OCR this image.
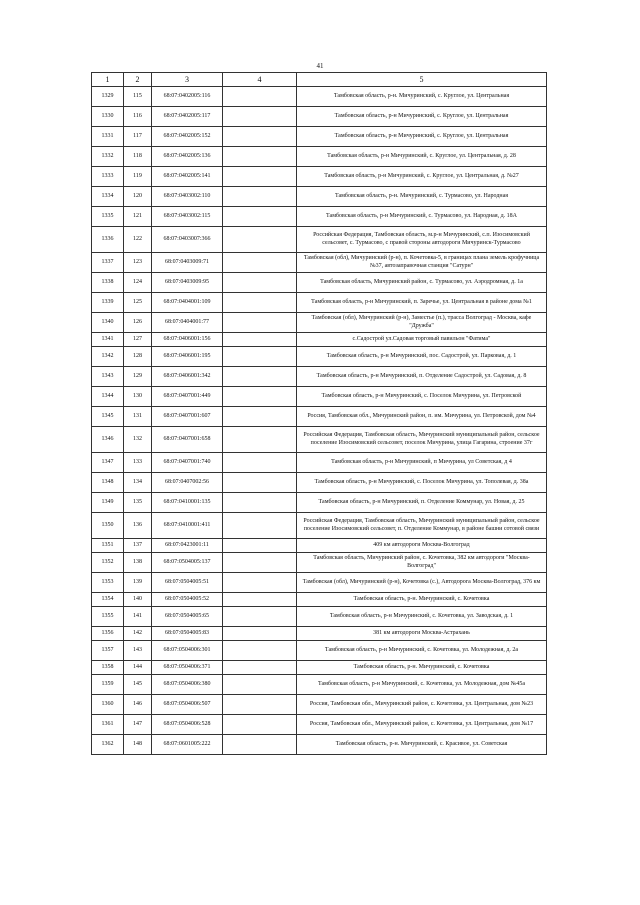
41
1	2	3	4	5
1329	115	68:07:0402005:116		Тамбовская область, р-н. Мичуринский, с. Круглое, ул. Центральная
1330	116	68:07:0402005:117		Тамбовская область, р-н Мичуринский, с. Круглое, ул. Центральная
1331	117	68:07:0402005:152		Тамбовская область, р-н Мичуринский, с. Круглое, ул. Центральная
1332	118	68:07:0402005:136		Тамбовская область, р-н Мичуринский, с. Круглое, ул. Центральная, д. 28
1333	119	68:07:0402005:141		Тамбовская область, р-н Мичуринский, с. Круглое, ул. Центральная, д. №27
1334	120	68:07:0403002:110		Тамбовская область, р-н. Мичуринский, с. Турмасово, ул. Народная
1335	121	68:07:0403002:115		Тамбовская область, р-н Мичуринский, с. Турмасово, ул. Народная, д. 18А
1336	122	68:07:0403007:366		Российская Федерация, Тамбовская область, м.р-н Мичуринский, с.п. Изосимовский сельсовет, с. Турмасово, с правой стороны автодороги Мичуринск-Турмасово
1337	123	68:07:0403009:71		Тамбовская (обл), Мичуринский (р-н), п. Кочетовка-5, в границах плана земель крофучница №37, автозаправочная станция "Сатурн"
1338	124	68:07:0403009:95		Тамбовская область, Мичуринский район, с. Турмасово, ул. Аэродромная, д. 1а
1339	125	68:07:0404001:109		Тамбовская область, р-н Мичуринский, п. Заречье, ул. Центральная в районе дома №1
1340	126	68:07:0404001:77		Тамбовская (обл), Мичуринский (р-н), Заместье (п.), трасса Волгоград - Москва, кафе "Дружба"
1341	127	68:07:0406001:156		с.Садострой ул.Садовая торговый павильон "Фатима"
1342	128	68:07:0406001:195		Тамбовская область, р-н Мичуринский, пос. Садострой, ул. Парковая, д. 1
1343	129	68:07:0406001:342		Тамбовская область, р-н Мичуринский, п. Отделение Садострой, ул. Садовая, д. 8
1344	130	68:07:0407001:449		Тамбовская область, р-н Мичуринский, с. Поселок Мичурина, ул. Петровской
1345	131	68:07:0407001:607		Россия, Тамбовская обл., Мичуринский район, п. им. Мичурина, ул. Петровской, дом №4
1346	132	68:07:0407001:658		Российская Федерация, Тамбовская область, Мичуринский муниципальный район, сельское поселение Изосимовский сельсовет, поселок Мичурина, улица Гагарина, строение 37г
1347	133	68:07:0407001:740		Тамбовская область, р-н Мичуринский, п Мичурина, ул Советская, д 4
1348	134	68:07:0407002:56		Тамбовская область, р-н Мичуринский, с. Поселок Мичурина, ул. Тополевая, д. 38а
1349	135	68:07:0410001:135		Тамбовская область, р-н Мичуринский, п. Отделение Коммунар, ул. Новая, д. 25
1350	136	68:07:0410001:411		Российская Федерация, Тамбовская область, Мичуринский муниципальный район, сельское поселение Изосимовский сельсовет, п. Отделение Коммунар, в районе башни сотовой связи
1351	137	68:07:0423001:11		409 км автодороги Москва-Волгоград
1352	138	68:07:0504005:137		Тамбовская область, Мичуринский район, с. Кочетовка, 382 км автодороги "Москва-Волгоград"
1353	139	68:07:0504005:51		Тамбовская (обл), Мичуринский (р-н), Кочетовка (с.), Автодорога Москва-Волгоград, 376 км
1354	140	68:07:0504005:52		Тамбовская область, р-н. Мичуринский, с. Кочетовка
1355	141	68:07:0504005:65		Тамбовская область, р-н Мичуринский, с. Кочетовка, ул. Заводская, д. 1
1356	142	68:07:0504005:83		381 км автодороги Москва-Астрахань
1357	143	68:07:0504006:301		Тамбовская область, р-н Мичуринский, с. Кочетовка, ул. Молодежная, д. 2а
1358	144	68:07:0504006:371		Тамбовская область, р-н. Мичуринский, с. Кочетовка
1359	145	68:07:0504006:380		Тамбовская область, р-н Мичуринский, с. Кочетовка, ул. Молодежная, дом №45а
1360	146	68:07:0504006:507		Россия, Тамбовская обл., Мичуринский район, с. Кочетовка, ул. Центральная, дом №23
1361	147	68:07:0504006:528		Россия, Тамбовская обл., Мичуринский район, с. Кочетовка, ул. Центральная, дом №17
1362	148	68:07:0601005:222		Тамбовская область, р-н. Мичуринский, с. Красивое, ул. Советская
